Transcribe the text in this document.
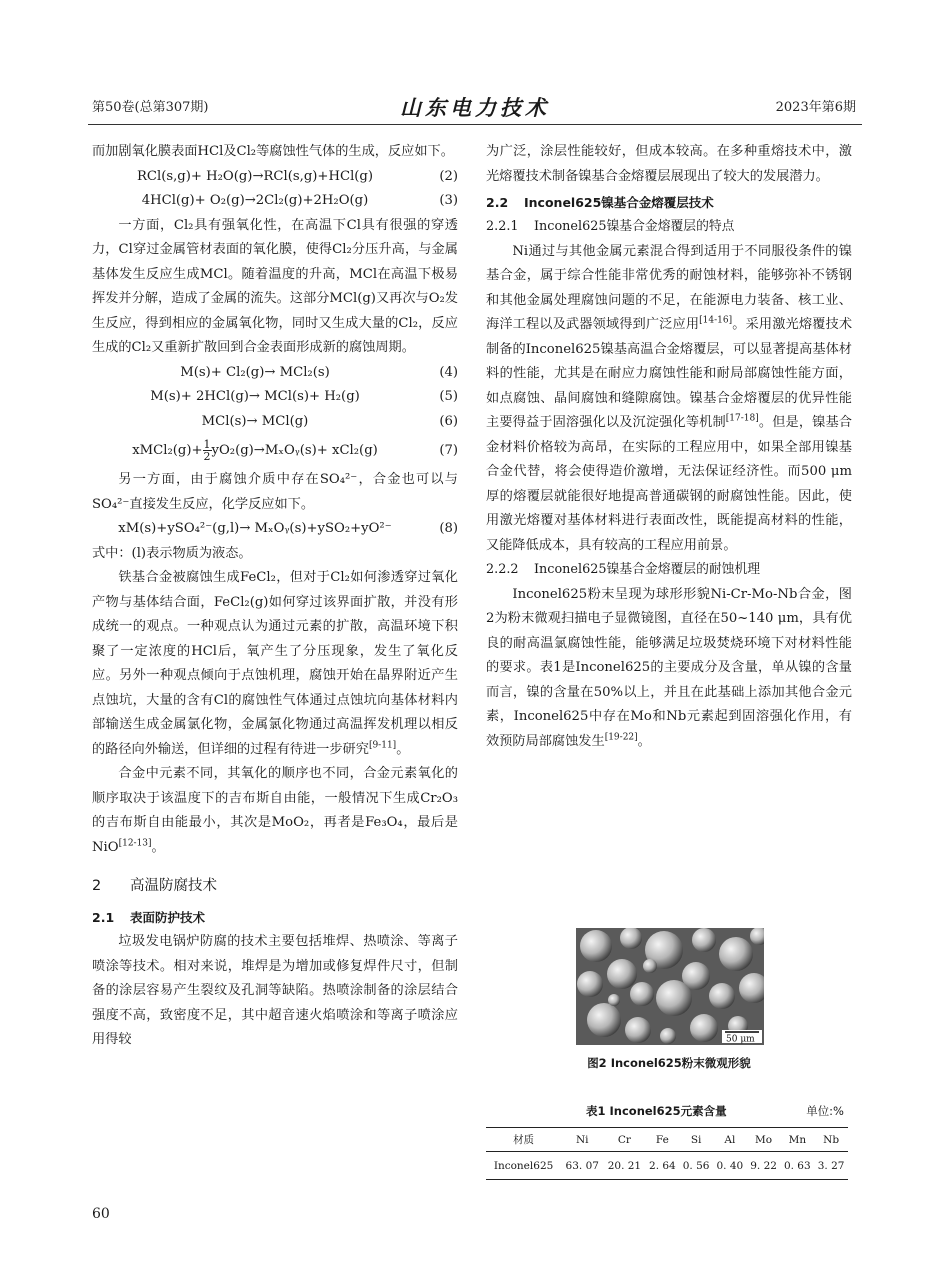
第50卷(总第307期)	山东电力技术	2023年第6期

而加剧氧化膜表面HCl及Cl₂等腐蚀性气体的生成，反应如下。

RCl(s,g)+ H₂O(g)→RCl(s,g)+HCl(g)	(2)
4HCl(g)+ O₂(g)→2Cl₂(g)+2H₂O(g)	(3)

一方面，Cl₂具有强氧化性，在高温下Cl具有很强的穿透力，Cl穿过金属管材表面的氧化膜，使得Cl₂分压升高，与金属基体发生反应生成MCl。随着温度的升高，MCl在高温下极易挥发并分解，造成了金属的流失。这部分MCl(g)又再次与O₂发生反应，得到相应的金属氧化物，同时又生成大量的Cl₂，反应生成的Cl₂又重新扩散回到合金表面形成新的腐蚀周期。

M(s)+ Cl₂(g)→ MCl₂(s)	(4)
M(s)+ 2HCl(g)→ MCl(s)+ H₂(g)	(5)
MCl(s)→ MCl(g)	(6)
xMCl₂(g)+ $\frac{1}{2}$ yO₂(g)→MₓOᵧ(s)+ xCl₂(g)	(7)

另一方面，由于腐蚀介质中存在SO₄²⁻，合金也可以与SO₄²⁻直接发生反应，化学反应如下。

xM(s)+ySO₄²⁻(g,l)→ MₓOᵧ(s)+ySO₂+yO²⁻	(8)

式中：(l)表示物质为液态。

铁基合金被腐蚀生成FeCl₂，但对于Cl₂如何渗透穿过氧化产物与基体结合面，FeCl₂(g)如何穿过该界面扩散，并没有形成统一的观点。一种观点认为通过元素的扩散，高温环境下积聚了一定浓度的HCl后，氧产生了分压现象，发生了氧化反应。另外一种观点倾向于点蚀机理，腐蚀开始在晶界附近产生点蚀坑，大量的含有Cl的腐蚀性气体通过点蚀坑向基体材料内部输送生成金属氯化物，金属氯化物通过高温挥发机理以相反的路径向外输送，但详细的过程有待进一步研究[9-11]。

合金中元素不同，其氧化的顺序也不同，合金元素氧化的顺序取决于该温度下的吉布斯自由能，一般情况下生成Cr₂O₃的吉布斯自由能最小，其次是MoO₂，再者是Fe₃O₄，最后是NiO[12-13]。

2 高温防腐技术
2.1 表面防护技术

垃圾发电锅炉防腐的技术主要包括堆焊、热喷涂、等离子喷涂等技术。相对来说，堆焊是为增加或修复焊件尺寸，但制备的涂层容易产生裂纹及孔洞等缺陷。热喷涂制备的涂层结合强度不高，致密度不足，其中超音速火焰喷涂和等离子喷涂应用得较

为广泛，涂层性能较好，但成本较高。在多种重熔技术中，激光熔覆技术制备镍基合金熔覆层展现出了较大的发展潜力。

2.2 Inconel625镍基合金熔覆层技术
2.2.1 Inconel625镍基合金熔覆层的特点

Ni通过与其他金属元素混合得到适用于不同服役条件的镍基合金，属于综合性能非常优秀的耐蚀材料，能够弥补不锈钢和其他金属处理腐蚀问题的不足，在能源电力装备、核工业、海洋工程以及武器领域得到广泛应用[14-16]。采用激光熔覆技术制备的Inconel625镍基高温合金熔覆层，可以显著提高基体材料的性能，尤其是在耐应力腐蚀性能和耐局部腐蚀性能方面，如点腐蚀、晶间腐蚀和缝隙腐蚀。镍基合金熔覆层的优异性能主要得益于固溶强化以及沉淀强化等机制[17-18]。但是，镍基合金材料价格较为高昂，在实际的工程应用中，如果全部用镍基合金代替，将会使得造价激增，无法保证经济性。而500 μm厚的熔覆层就能很好地提高普通碳钢的耐腐蚀性能。因此，使用激光熔覆对基体材料进行表面改性，既能提高材料的性能，又能降低成本，具有较高的工程应用前景。

2.2.2 Inconel625镍基合金熔覆层的耐蚀机理

Inconel625粉末呈现为球形形貌Ni-Cr-Mo-Nb合金，图2为粉末微观扫描电子显微镜图，直径在50~140 μm，具有优良的耐高温氯腐蚀性能，能够满足垃圾焚烧环境下对材料性能的要求。表1是Inconel625的主要成分及含量，单从镍的含量而言，镍的含量在50%以上，并且在此基础上添加其他合金元素，Inconel625中存在Mo和Nb元素起到固溶强化作用，有效预防局部腐蚀发生[19-22]。

50 μm
图2 Inconel625粉末微观形貌
表1 Inconel625元素含量	单位:%
材质	Ni	Cr	Fe	Si	Al	Mo	Mn	Nb
Inconel625	63. 07	20. 21	2. 64	0. 56	0. 40	9. 22	0. 63	3. 27
60
